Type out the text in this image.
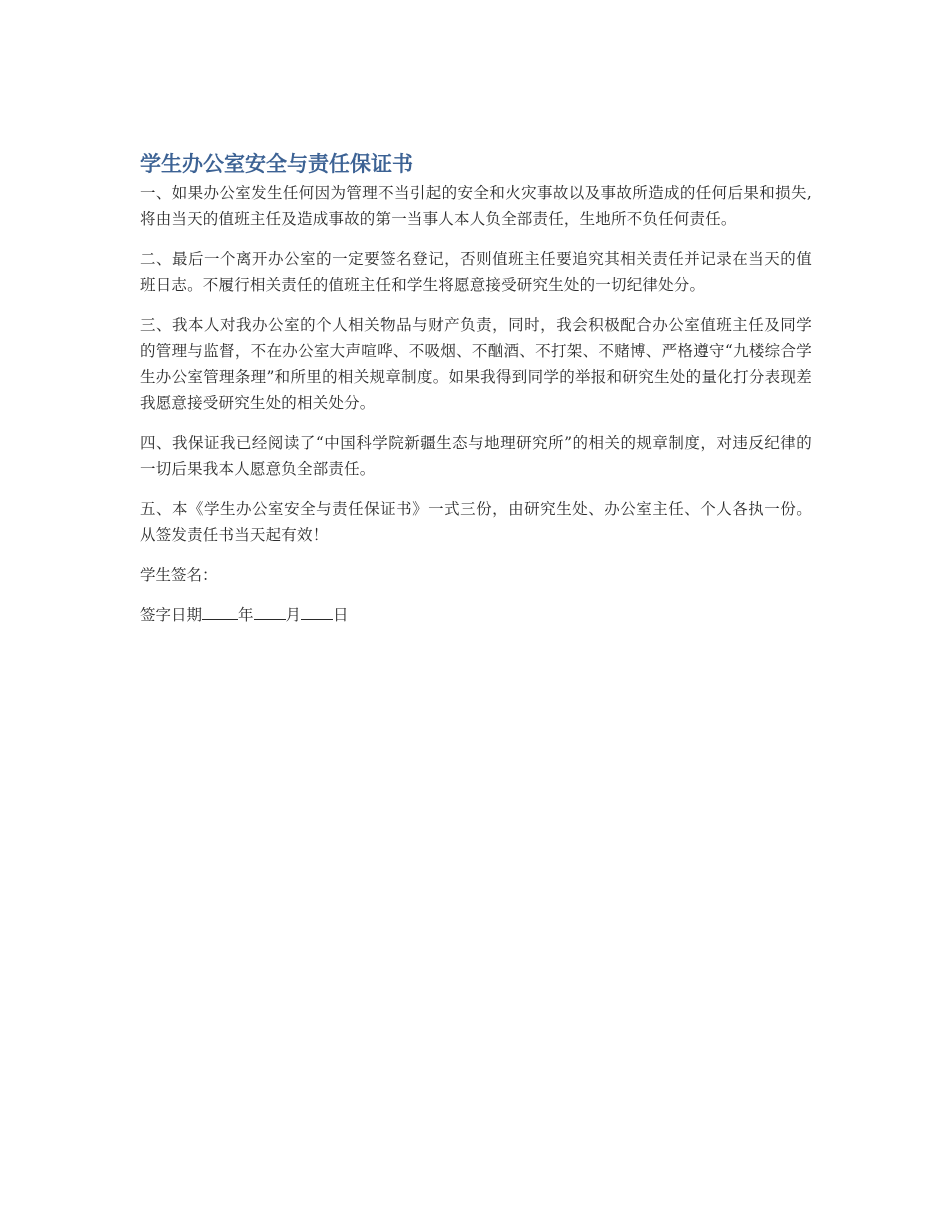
学生办公室安全与责任保证书

一、如果办公室发生任何因为管理不当引起的安全和火灾事故以及事故所造成的任何后果和损失,将由当天的值班主任及造成事故的第一当事人本人负全部责任，生地所不负任何责任。

二、最后一个离开办公室的一定要签名登记，否则值班主任要追究其相关责任并记录在当天的值班日志。不履行相关责任的值班主任和学生将愿意接受研究生处的一切纪律处分。

三、我本人对我办公室的个人相关物品与财产负责，同时，我会积极配合办公室值班主任及同学的管理与监督，不在办公室大声喧哗、不吸烟、不酗酒、不打架、不赌博、严格遵守“九楼综合学生办公室管理条理”和所里的相关规章制度。如果我得到同学的举报和研究生处的量化打分表现差我愿意接受研究生处的相关处分。

四、我保证我已经阅读了“中国科学院新疆生态与地理研究所”的相关的规章制度，对违反纪律的一切后果我本人愿意负全部责任。

五、本《学生办公室安全与责任保证书》一式三份，由研究生处、办公室主任、个人各执一份。从签发责任书当天起有效！

学生签名：

签字日期 年 月 日
